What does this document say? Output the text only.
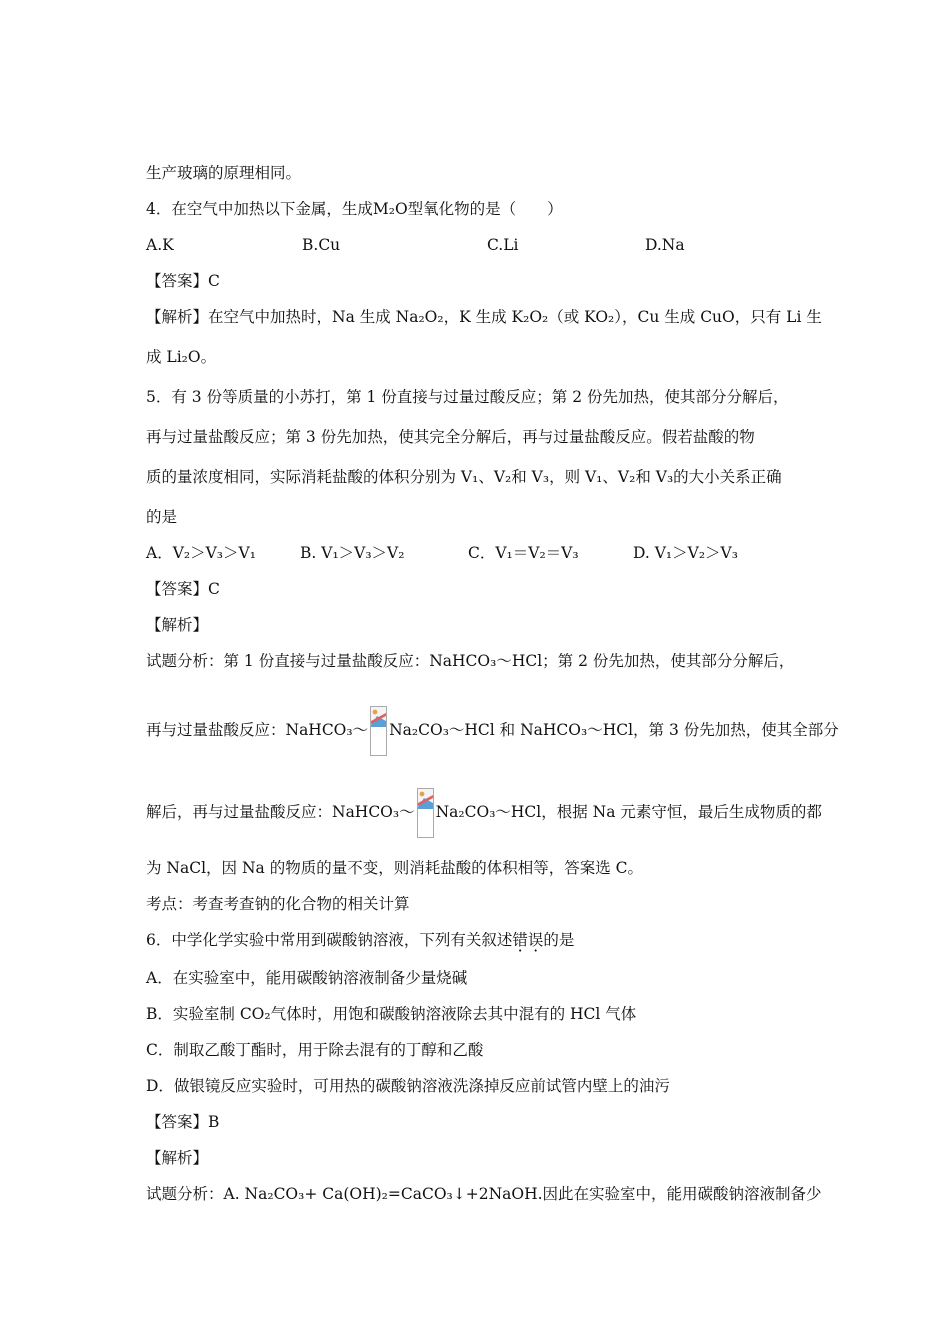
生产玻璃的原理相同。
4．在空气中加热以下金属，生成M₂O型氧化物的是（　　）
A.K	B.Cu	C.Li	D.Na
【答案】C
【解析】在空气中加热时，Na 生成 Na₂O₂，K 生成 K₂O₂（或 KO₂），Cu 生成 CuO，只有 Li 生
成 Li₂O。
5．有 3 份等质量的小苏打，第 1 份直接与过量过酸反应；第 2 份先加热，使其部分分解后，
再与过量盐酸反应；第 3 份先加热，使其完全分解后，再与过量盐酸反应。假若盐酸的物
质的量浓度相同，实际消耗盐酸的体积分别为 V₁、V₂和 V₃，则 V₁、V₂和 V₃的大小关系正确
的是
A．V₂＞V₃＞V₁	B. V₁＞V₃＞V₂	C．V₁＝V₂＝V₃	D. V₁＞V₂＞V₃
【答案】C
【解析】
试题分析：第 1 份直接与过量盐酸反应：NaHCO₃～HCl；第 2 份先加热，使其部分分解后，
再与过量盐酸反应：NaHCO₃～ Na₂CO₃～HCl 和 NaHCO₃～HCl，第 3 份先加热，使其全部分
解后，再与过量盐酸反应：NaHCO₃～ Na₂CO₃～HCl，根据 Na 元素守恒，最后生成物质的都
为 NaCl，因 Na 的物质的量不变，则消耗盐酸的体积相等，答案选 C。
考点：考查考查钠的化合物的相关计算
6．中学化学实验中常用到碳酸钠溶液，下列有关叙述错误的是
A．在实验室中，能用碳酸钠溶液制备少量烧碱
B．实验室制 CO₂气体时，用饱和碳酸钠溶液除去其中混有的 HCl 气体
C．制取乙酸丁酯时，用于除去混有的丁醇和乙酸
D．做银镜反应实验时，可用热的碳酸钠溶液洗涤掉反应前试管内壁上的油污
【答案】B
【解析】
试题分析：A. Na₂CO₃+ Ca(OH)₂=CaCO₃↓+2NaOH.因此在实验室中，能用碳酸钠溶液制备少
